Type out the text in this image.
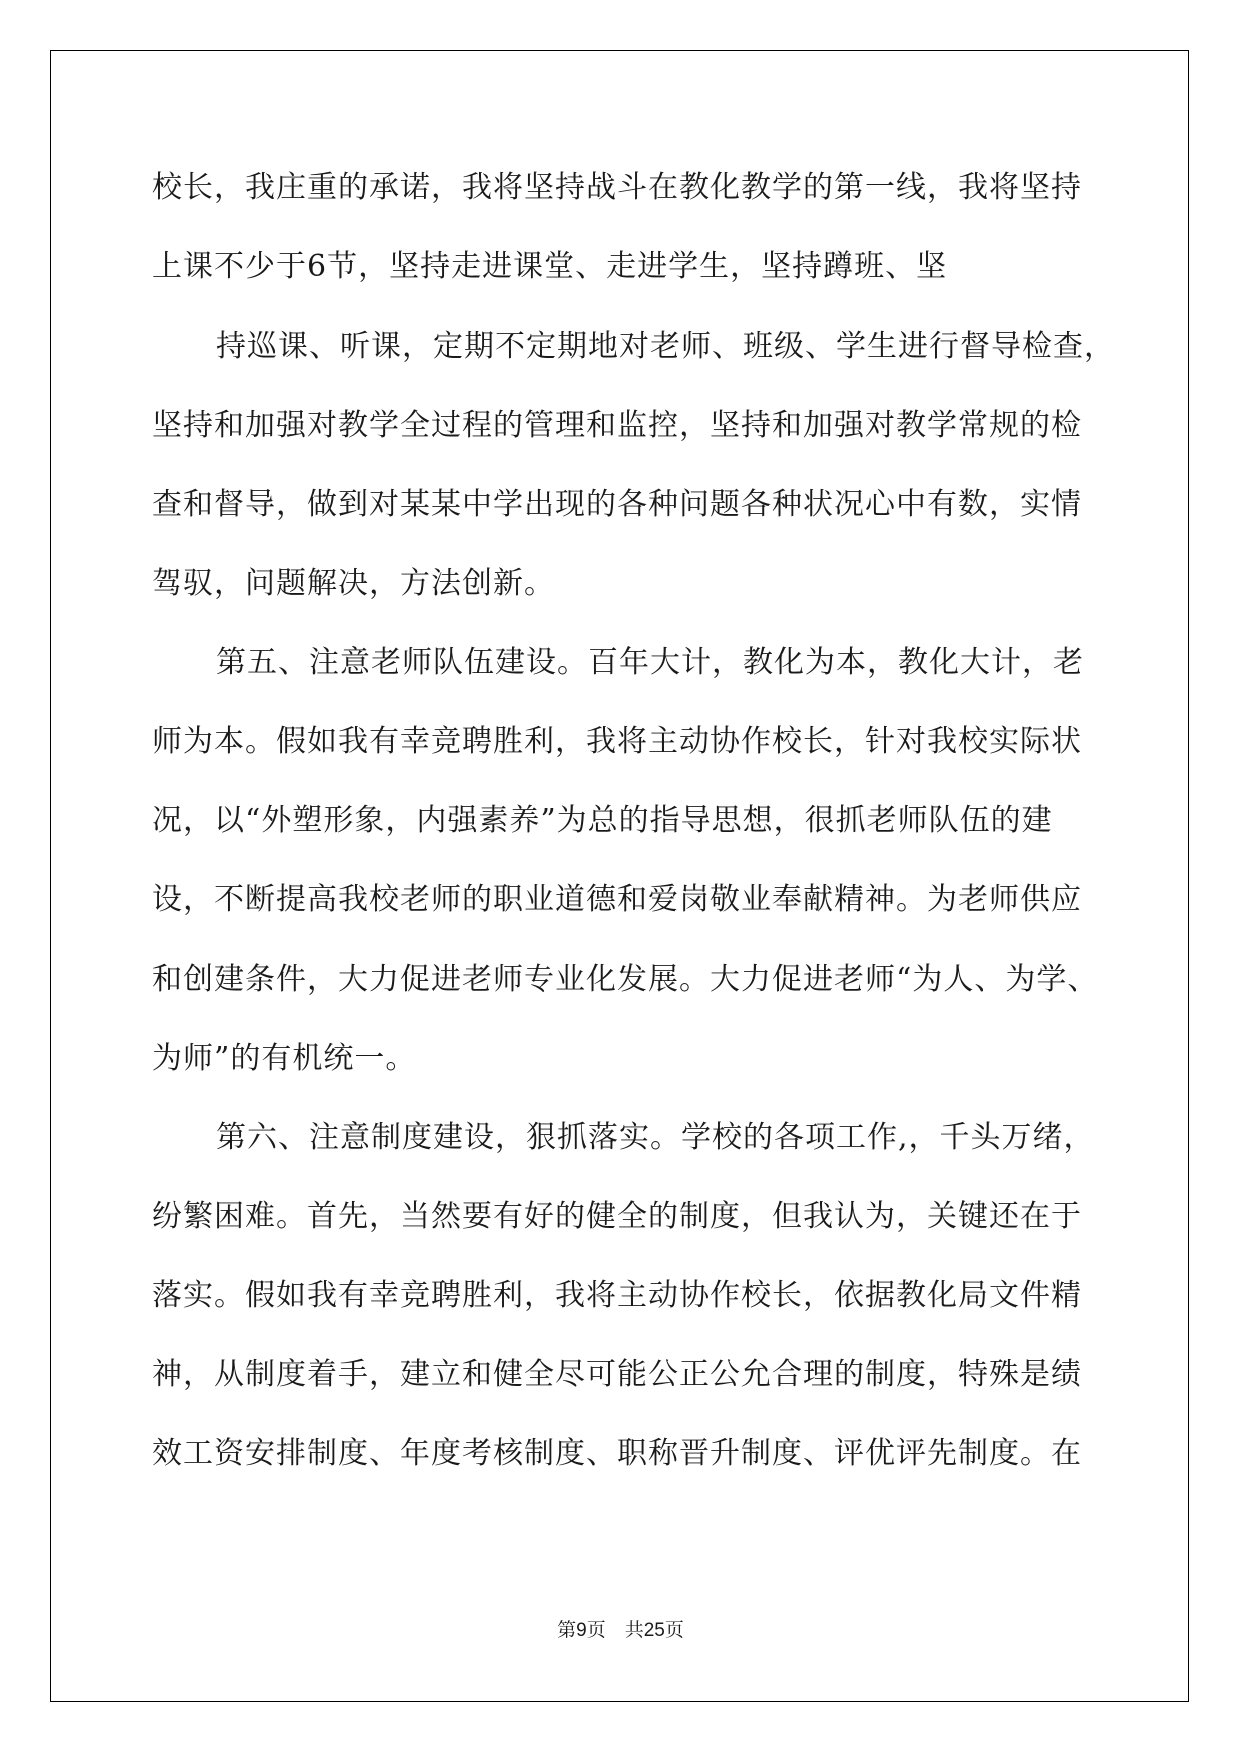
校长，我庄重的承诺，我将坚持战斗在教化教学的第一线，我将坚持
上课不少于6节，坚持走进课堂、走进学生，坚持蹲班、坚
持巡课、听课，定期不定期地对老师、班级、学生进行督导检查，
坚持和加强对教学全过程的管理和监控，坚持和加强对教学常规的检
查和督导，做到对某某中学出现的各种问题各种状况心中有数，实情
驾驭，问题解决，方法创新。
第五、注意老师队伍建设。百年大计，教化为本，教化大计，老
师为本。假如我有幸竞聘胜利，我将主动协作校长，针对我校实际状
况，以“外塑形象，内强素养”为总的指导思想，很抓老师队伍的建
设，不断提高我校老师的职业道德和爱岗敬业奉献精神。为老师供应
和创建条件，大力促进老师专业化发展。大力促进老师“为人、为学、
为师”的有机统一。
第六、注意制度建设，狠抓落实。学校的各项工作,，千头万绪，
纷繁困难。首先，当然要有好的健全的制度，但我认为，关键还在于
落实。假如我有幸竞聘胜利，我将主动协作校长，依据教化局文件精
神，从制度着手，建立和健全尽可能公正公允合理的制度，特殊是绩
效工资安排制度、年度考核制度、职称晋升制度、评优评先制度。在
第9页　共25页
